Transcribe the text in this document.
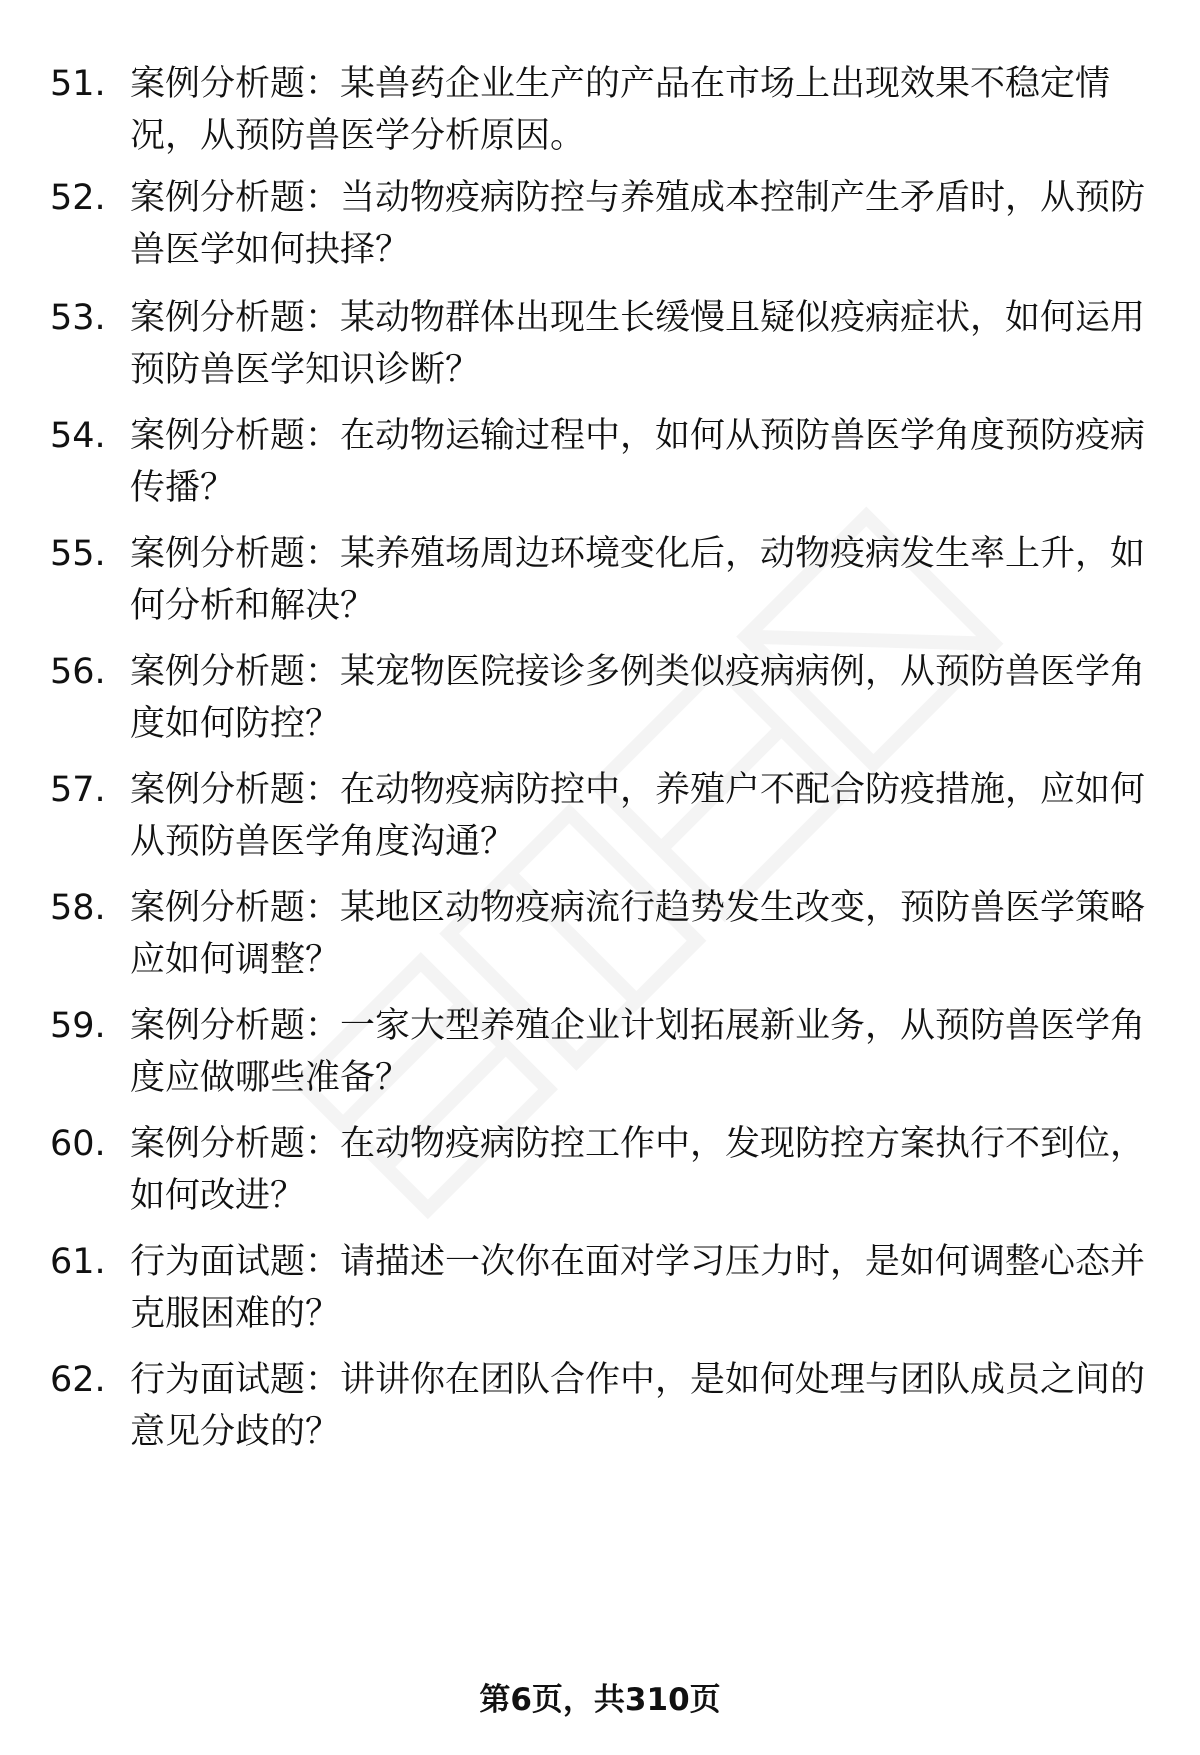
51. 案例分析题：某兽药企业生产的产品在市场上出现效果不稳定情况，从预防兽医学分析原因。
52. 案例分析题：当动物疫病防控与养殖成本控制产生矛盾时，从预防兽医学如何抉择？
53. 案例分析题：某动物群体出现生长缓慢且疑似疫病症状，如何运用预防兽医学知识诊断？
54. 案例分析题：在动物运输过程中，如何从预防兽医学角度预防疫病传播？
55. 案例分析题：某养殖场周边环境变化后，动物疫病发生率上升，如何分析和解决？
56. 案例分析题：某宠物医院接诊多例类似疫病病例，从预防兽医学角度如何防控？
57. 案例分析题：在动物疫病防控中，养殖户不配合防疫措施，应如何从预防兽医学角度沟通？
58. 案例分析题：某地区动物疫病流行趋势发生改变，预防兽医学策略应如何调整？
59. 案例分析题：一家大型养殖企业计划拓展新业务，从预防兽医学角度应做哪些准备？
60. 案例分析题：在动物疫病防控工作中，发现防控方案执行不到位，如何改进？
61. 行为面试题：请描述一次你在面对学习压力时，是如何调整心态并克服困难的？
62. 行为面试题：讲讲你在团队合作中，是如何处理与团队成员之间的意见分歧的？
第6页，共310页
